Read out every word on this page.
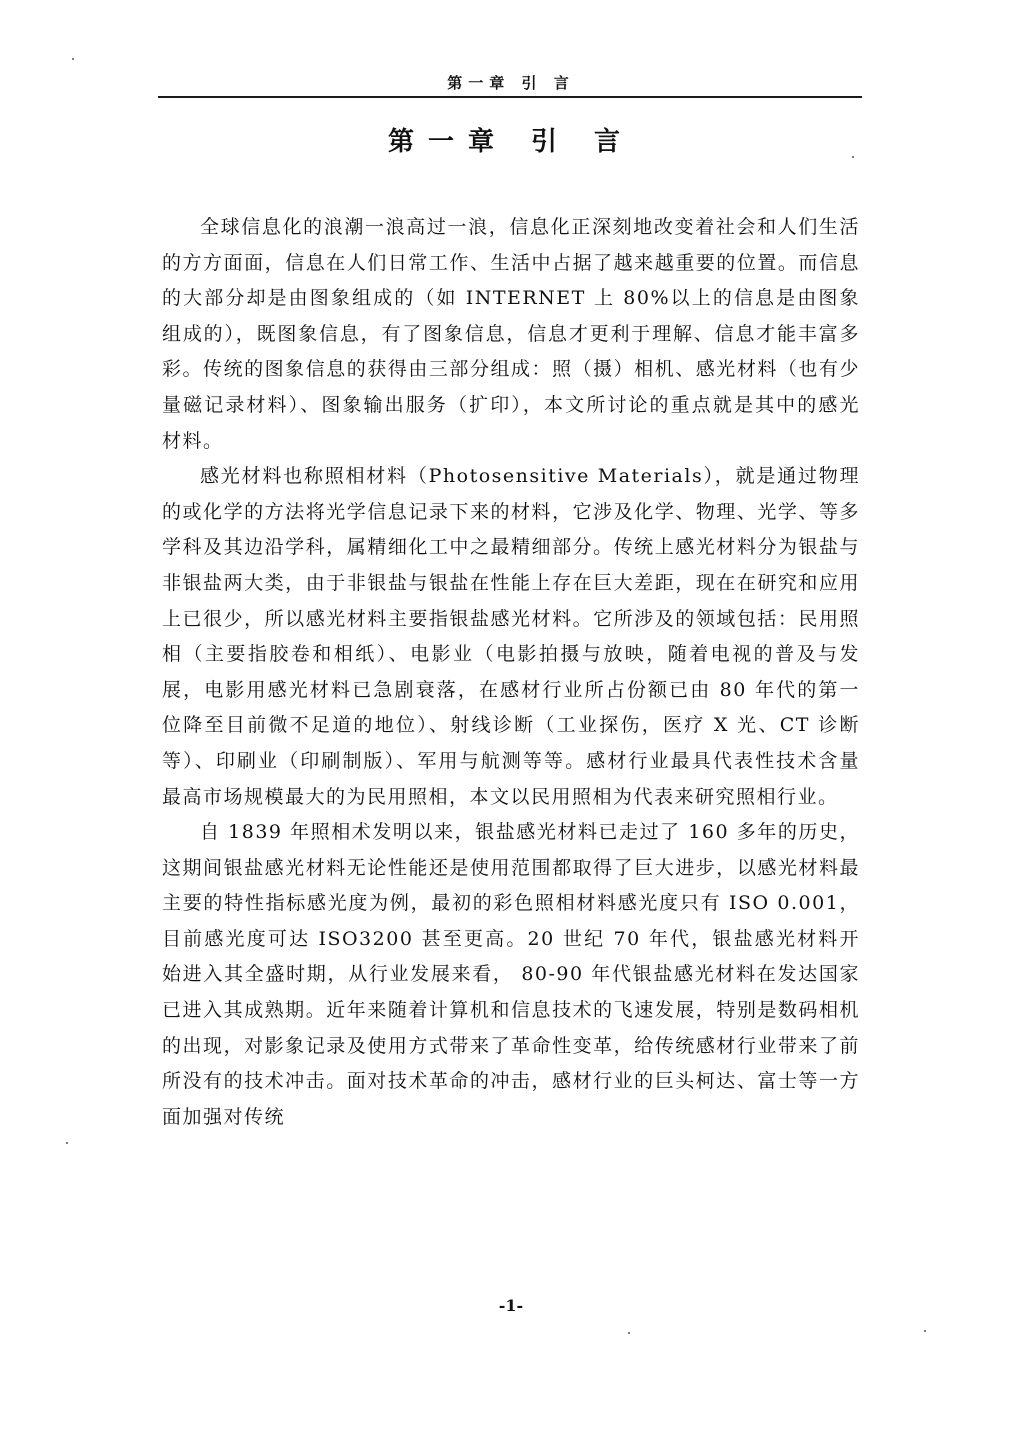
第一章 引 言
第一章 引 言

全球信息化的浪潮一浪高过一浪，信息化正深刻地改变着社会和人们生活的方方面面，信息在人们日常工作、生活中占据了越来越重要的位置。而信息的大部分却是由图象组成的（如 INTERNET 上 80%以上的信息是由图象组成的），既图象信息，有了图象信息，信息才更利于理解、信息才能丰富多彩。传统的图象信息的获得由三部分组成：照（摄）相机、感光材料（也有少量磁记录材料）、图象输出服务（扩印），本文所讨论的重点就是其中的感光材料。

感光材料也称照相材料（Photosensitive Materials），就是通过物理的或化学的方法将光学信息记录下来的材料，它涉及化学、物理、光学、等多学科及其边沿学科，属精细化工中之最精细部分。传统上感光材料分为银盐与非银盐两大类，由于非银盐与银盐在性能上存在巨大差距，现在在研究和应用上已很少，所以感光材料主要指银盐感光材料。它所涉及的领域包括：民用照相（主要指胶卷和相纸）、电影业（电影拍摄与放映，随着电视的普及与发展，电影用感光材料已急剧衰落，在感材行业所占份额已由 80 年代的第一位降至目前微不足道的地位）、射线诊断（工业探伤，医疗 X 光、CT 诊断等）、印刷业（印刷制版）、军用与航测等等。感材行业最具代表性技术含量最高市场规模最大的为民用照相，本文以民用照相为代表来研究照相行业。

自 1839 年照相术发明以来，银盐感光材料已走过了 160 多年的历史，这期间银盐感光材料无论性能还是使用范围都取得了巨大进步，以感光材料最主要的特性指标感光度为例，最初的彩色照相材料感光度只有 ISO 0.001，目前感光度可达 ISO3200 甚至更高。20 世纪 70 年代，银盐感光材料开始进入其全盛时期，从行业发展来看， 80-90 年代银盐感光材料在发达国家已进入其成熟期。近年来随着计算机和信息技术的飞速发展，特别是数码相机的出现，对影象记录及使用方式带来了革命性变革，给传统感材行业带来了前所没有的技术冲击。面对技术革命的冲击，感材行业的巨头柯达、富士等一方面加强对传统

-1-
